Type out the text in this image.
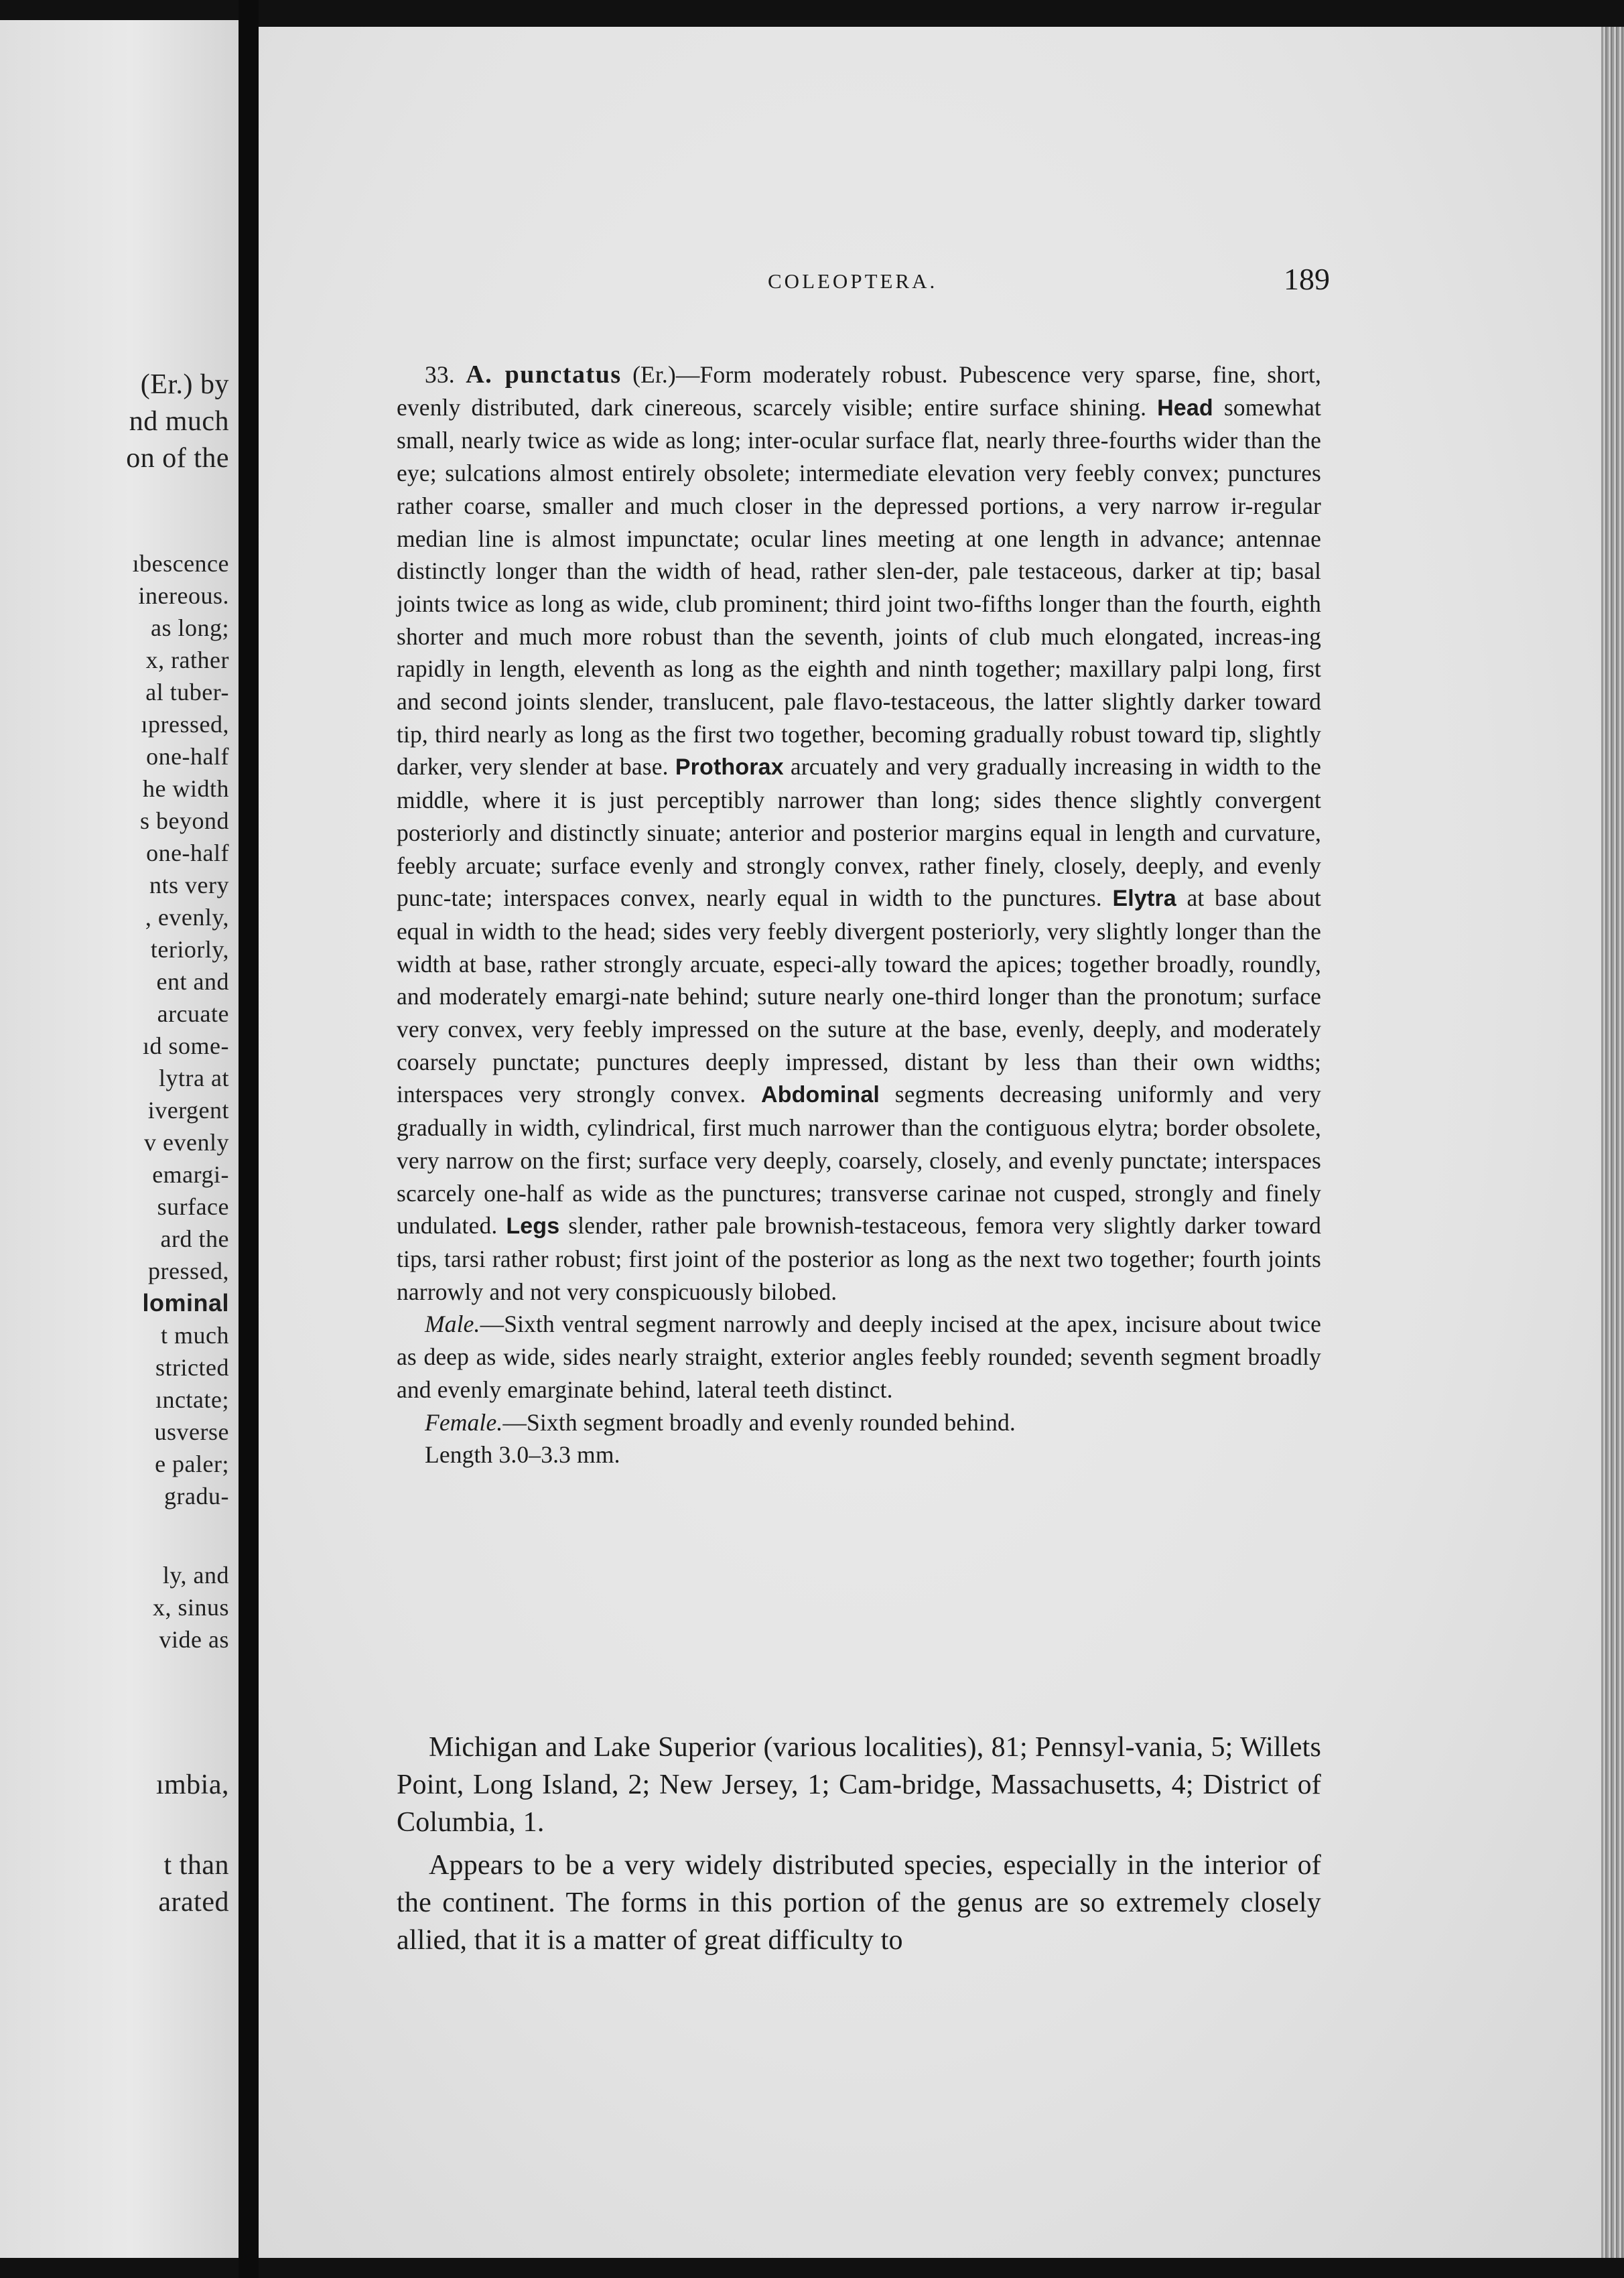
(Er.) by
nd much
on of the
ıbescence
inereous.
as long;
x, rather
al tuber-
ıpressed,
one-half
he width
s beyond
one-half
nts very
, evenly,
teriorly,
ent and
arcuate
ıd some-
lytra at
ivergent
v evenly
emargi-
surface
ard the
pressed,
lominal
t much
stricted
ınctate;
usverse
e paler;
gradu-
ly, and
x, sinus
vide as
ımbia,
t than
arated
COLEOPTERA.	189

33. A. punctatus (Er.)—Form moderately robust. Pubescence very sparse, fine, short, evenly distributed, dark cinereous, scarcely visible; entire surface shining. Head somewhat small, nearly twice as wide as long; inter-ocular surface flat, nearly three-fourths wider than the eye; sulcations almost entirely obsolete; intermediate elevation very feebly convex; punctures rather coarse, smaller and much closer in the depressed portions, a very narrow ir-regular median line is almost impunctate; ocular lines meeting at one length in advance; antennae distinctly longer than the width of head, rather slen-der, pale testaceous, darker at tip; basal joints twice as long as wide, club prominent; third joint two-fifths longer than the fourth, eighth shorter and much more robust than the seventh, joints of club much elongated, increas-ing rapidly in length, eleventh as long as the eighth and ninth together; maxillary palpi long, first and second joints slender, translucent, pale flavo-testaceous, the latter slightly darker toward tip, third nearly as long as the first two together, becoming gradually robust toward tip, slightly darker, very slender at base. Prothorax arcuately and very gradually increasing in width to the middle, where it is just perceptibly narrower than long; sides thence slightly convergent posteriorly and distinctly sinuate; anterior and posterior margins equal in length and curvature, feebly arcuate; surface evenly and strongly convex, rather finely, closely, deeply, and evenly punc-tate; interspaces convex, nearly equal in width to the punctures. Elytra at base about equal in width to the head; sides very feebly divergent posteriorly, very slightly longer than the width at base, rather strongly arcuate, especi-ally toward the apices; together broadly, roundly, and moderately emargi-nate behind; suture nearly one-third longer than the pronotum; surface very convex, very feebly impressed on the suture at the base, evenly, deeply, and moderately coarsely punctate; punctures deeply impressed, distant by less than their own widths; interspaces very strongly convex. Abdominal segments decreasing uniformly and very gradually in width, cylindrical, first much narrower than the contiguous elytra; border obsolete, very narrow on the first; surface very deeply, coarsely, closely, and evenly punctate; interspaces scarcely one-half as wide as the punctures; transverse carinae not cusped, strongly and finely undulated. Legs slender, rather pale brownish-testaceous, femora very slightly darker toward tips, tarsi rather robust; first joint of the posterior as long as the next two together; fourth joints narrowly and not very conspicuously bilobed.

Male.—Sixth ventral segment narrowly and deeply incised at the apex, incisure about twice as deep as wide, sides nearly straight, exterior angles feebly rounded; seventh segment broadly and evenly emarginate behind, lateral teeth distinct.

Female.—Sixth segment broadly and evenly rounded behind.

Length 3.0–3.3 mm.

Michigan and Lake Superior (various localities), 81; Pennsyl-vania, 5; Willets Point, Long Island, 2; New Jersey, 1; Cam-bridge, Massachusetts, 4; District of Columbia, 1.

Appears to be a very widely distributed species, especially in the interior of the continent. The forms in this portion of the genus are so extremely closely allied, that it is a matter of great difficulty to
